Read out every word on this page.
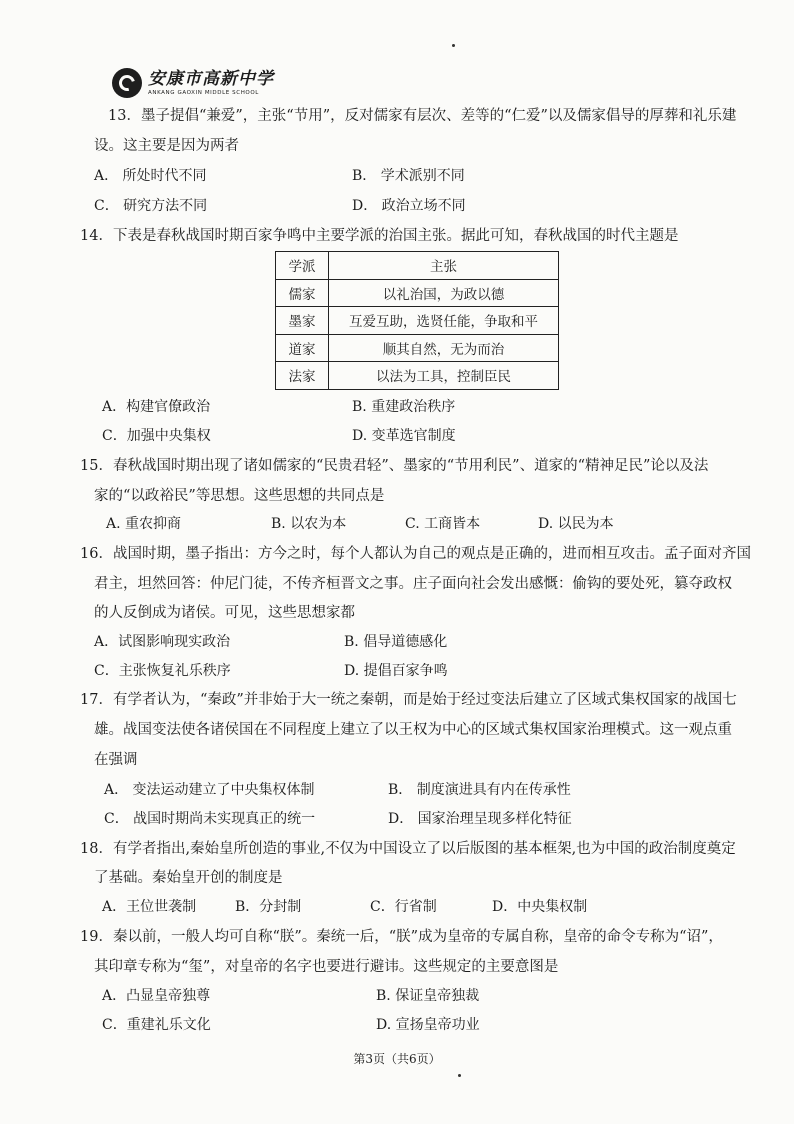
安康市高新中学
ANKANG GAOXIN MIDDLE SCHOOL
13．墨子提倡“兼爱”，主张“节用”，反对儒家有层次、差等的“仁爱”以及儒家倡导的厚葬和礼乐建
设。这主要是因为两者
A． 所处时代不同	B． 学术派别不同
C． 研究方法不同	D． 政治立场不同
14．下表是春秋战国时期百家争鸣中主要学派的治国主张。据此可知，春秋战国的时代主题是
学派	主张
儒家	以礼治国，为政以德
墨家	互爱互助，选贤任能，争取和平
道家	顺其自然，无为而治
法家	以法为工具，控制臣民
A．构建官僚政治	B. 重建政治秩序
C．加强中央集权	D. 变革选官制度
15．春秋战国时期出现了诸如儒家的“民贵君轻”、墨家的“节用利民”、道家的“精神足民”论以及法
家的“以政裕民”等思想。这些思想的共同点是
A. 重农抑商	B. 以农为本	C. 工商皆本	D. 以民为本
16．战国时期，墨子指出：方今之时，每个人都认为自己的观点是正确的，进而相互攻击。孟子面对齐国
君主，坦然回答：仲尼门徒，不传齐桓晋文之事。庄子面向社会发出感慨：偷钩的要处死，篡夺政权
的人反倒成为诸侯。可见，这些思想家都
A．试图影响现实政治	B. 倡导道德感化
C．主张恢复礼乐秩序	D. 提倡百家争鸣
17．有学者认为，“秦政”并非始于大一统之秦朝，而是始于经过变法后建立了区域式集权国家的战国七
雄。战国变法使各诸侯国在不同程度上建立了以王权为中心的区域式集权国家治理模式。这一观点重
在强调
A． 变法运动建立了中央集权体制	B． 制度演进具有内在传承性
C． 战国时期尚未实现真正的统一	D． 国家治理呈现多样化特征
18．有学者指出,秦始皇所创造的事业,不仅为中国设立了以后版图的基本框架,也为中国的政治制度奠定
了基础。秦始皇开创的制度是
A．王位世袭制	B．分封制	C．行省制	D．中央集权制
19．秦以前，一般人均可自称“朕”。秦统一后，“朕”成为皇帝的专属自称，皇帝的命令专称为“诏”，
其印章专称为“玺”，对皇帝的名字也要进行避讳。这些规定的主要意图是
A．凸显皇帝独尊	B. 保证皇帝独裁
C．重建礼乐文化	D. 宣扬皇帝功业
第3页（共6页）
